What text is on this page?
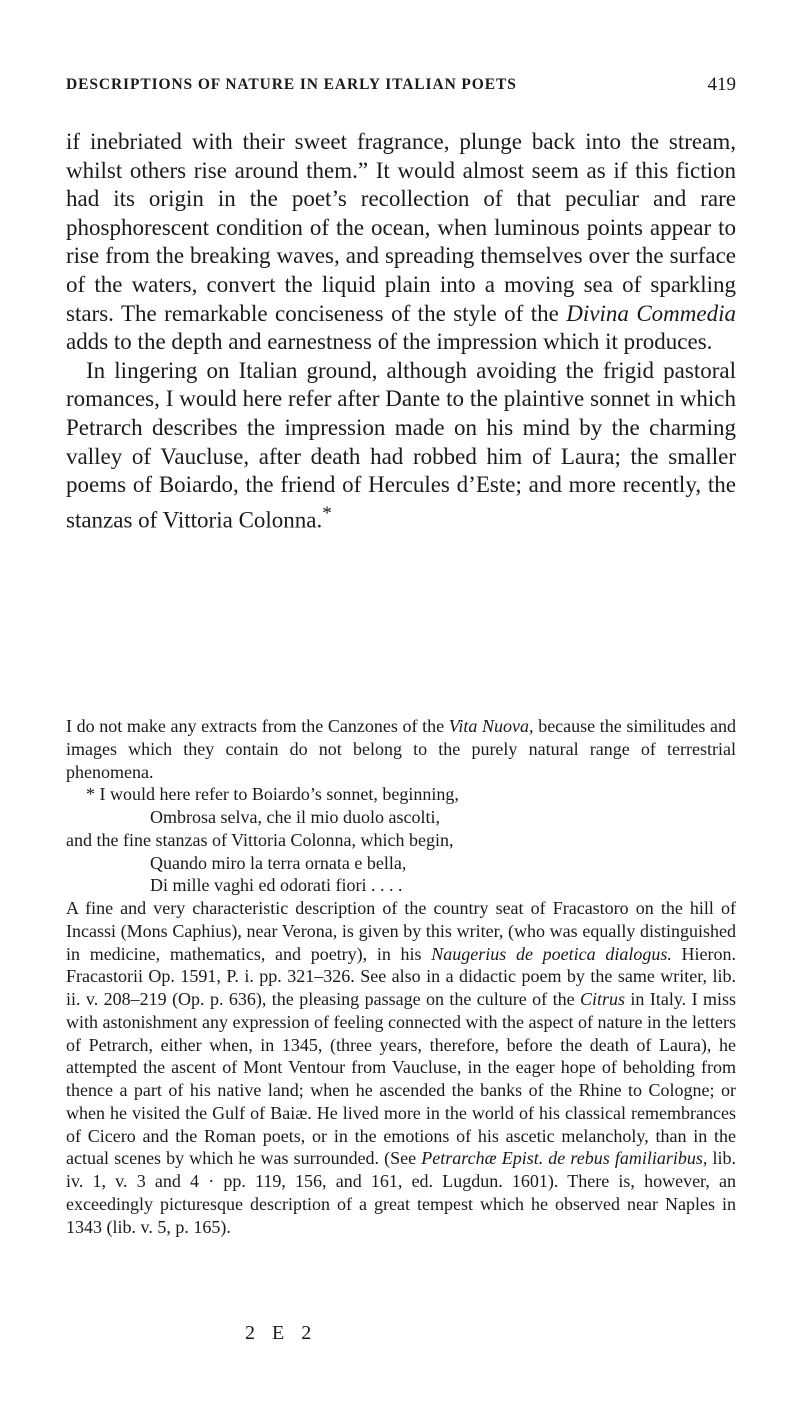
DESCRIPTIONS OF NATURE IN EARLY ITALIAN POETS	419

if inebriated with their sweet fragrance, plunge back into the stream, whilst others rise around them.” It would almost seem as if this fiction had its origin in the poet’s recollection of that peculiar and rare phosphorescent condition of the ocean, when luminous points appear to rise from the breaking waves, and spreading themselves over the surface of the waters, convert the liquid plain into a moving sea of sparkling stars. The remarkable conciseness of the style of the Divina Commedia adds to the depth and earnestness of the impression which it produces.

In lingering on Italian ground, although avoiding the frigid pastoral romances, I would here refer after Dante to the plaintive sonnet in which Petrarch describes the impression made on his mind by the charming valley of Vaucluse, after death had robbed him of Laura; the smaller poems of Boiardo, the friend of Hercules d’Este; and more recently, the stanzas of Vittoria Colonna.*

I do not make any extracts from the Canzones of the Vita Nuova, because the similitudes and images which they contain do not belong to the purely natural range of terrestrial phenomena.

* I would here refer to Boiardo’s sonnet, beginning,

Ombrosa selva, che il mio duolo ascolti,

and the fine stanzas of Vittoria Colonna, which begin,

Quando miro la terra ornata e bella,

Di mille vaghi ed odorati fiori . . . .

A fine and very characteristic description of the country seat of Fracastoro on the hill of Incassi (Mons Caphius), near Verona, is given by this writer, (who was equally distinguished in medicine, mathematics, and poetry), in his Naugerius de poetica dialogus. Hieron. Fracastorii Op. 1591, P. i. pp. 321–326. See also in a didactic poem by the same writer, lib. ii. v. 208–219 (Op. p. 636), the pleasing passage on the culture of the Citrus in Italy. I miss with astonishment any expression of feeling connected with the aspect of nature in the letters of Petrarch, either when, in 1345, (three years, therefore, before the death of Laura), he attempted the ascent of Mont Ventour from Vaucluse, in the eager hope of beholding from thence a part of his native land; when he ascended the banks of the Rhine to Cologne; or when he visited the Gulf of Baiæ. He lived more in the world of his classical remembrances of Cicero and the Roman poets, or in the emotions of his ascetic melancholy, than in the actual scenes by which he was surrounded. (See Petrarchæ Epist. de rebus familiaribus, lib. iv. 1, v. 3 and 4 · pp. 119, 156, and 161, ed. Lugdun. 1601). There is, however, an exceedingly picturesque description of a great tempest which he observed near Naples in 1343 (lib. v. 5, p. 165).

2 E 2
